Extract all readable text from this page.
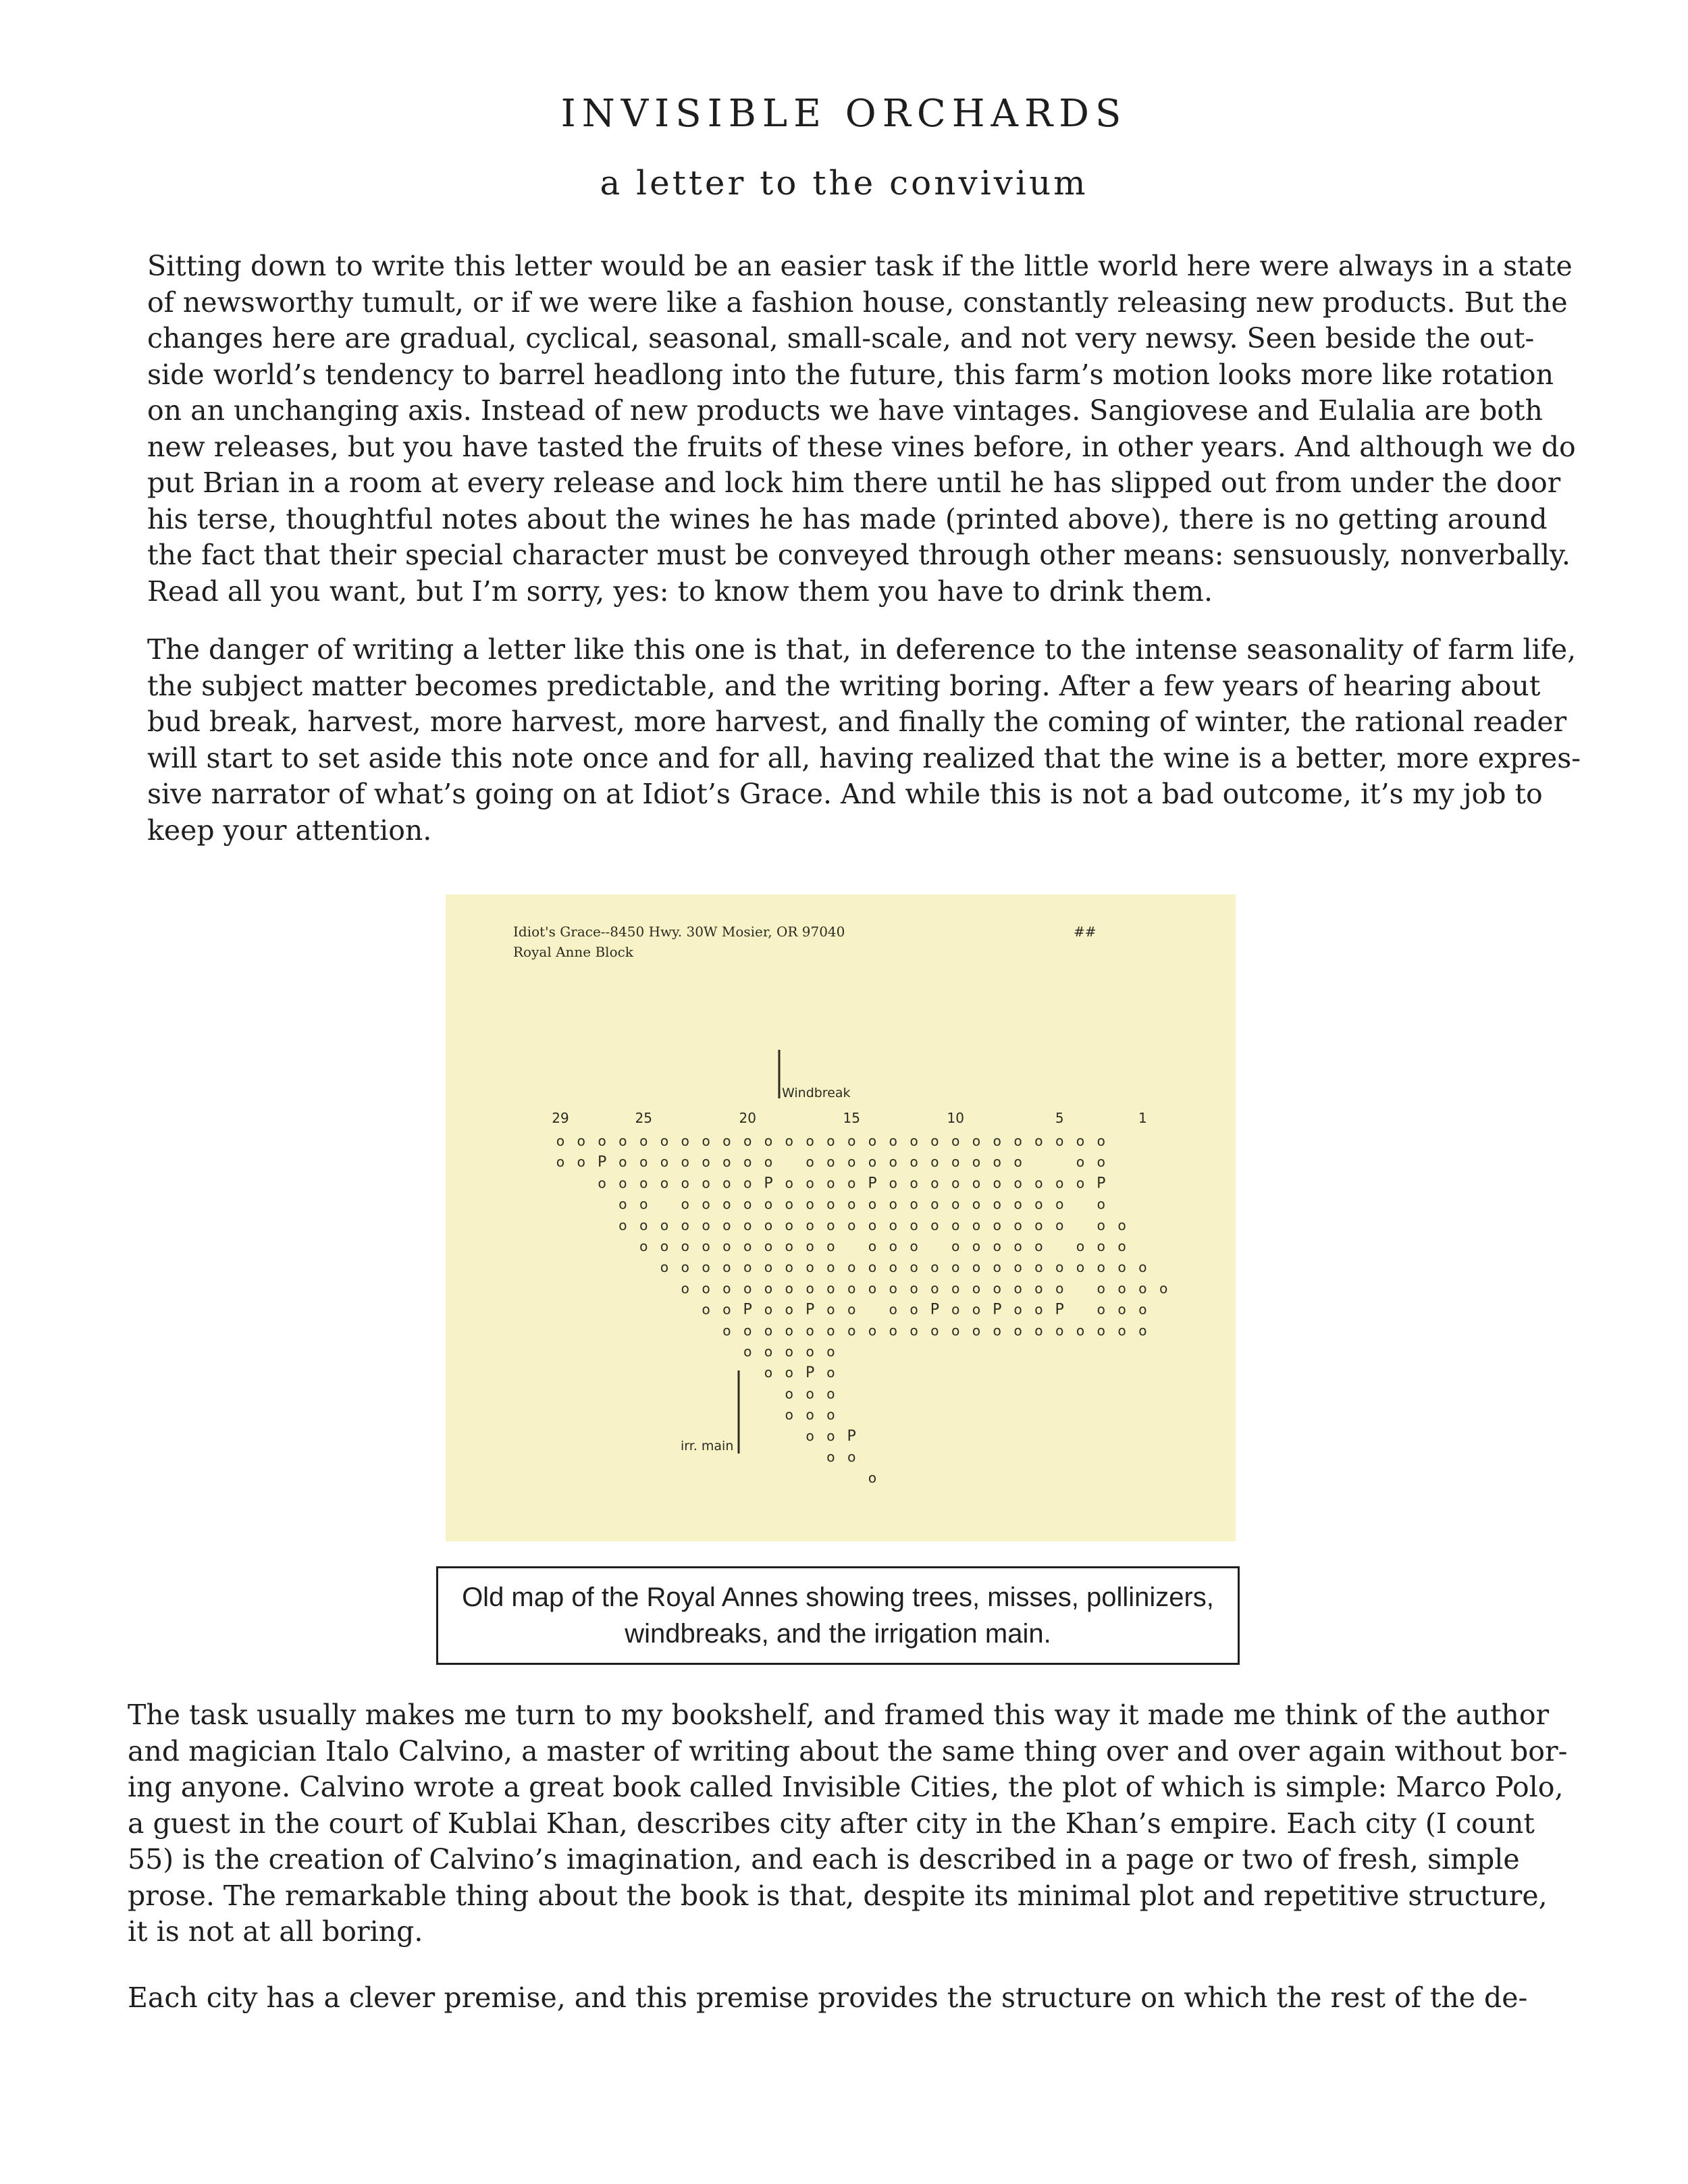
INVISIBLE ORCHARDS
a letter to the convivium

Sitting down to write this letter would be an easier task if the little world here were always in a state
of newsworthy tumult, or if we were like a fashion house, constantly releasing new products. But the
changes here are gradual, cyclical, seasonal, small-scale, and not very newsy. Seen beside the out-
side world’s tendency to barrel headlong into the future, this farm’s motion looks more like rotation
on an unchanging axis. Instead of new products we have vintages. Sangiovese and Eulalia are both
new releases, but you have tasted the fruits of these vines before, in other years. And although we do
put Brian in a room at every release and lock him there until he has slipped out from under the door
his terse, thoughtful notes about the wines he has made (printed above), there is no getting around
the fact that their special character must be conveyed through other means: sensuously, nonverbally.
Read all you want, but I’m sorry, yes: to know them you have to drink them.

The danger of writing a letter like this one is that, in deference to the intense seasonality of farm life,
the subject matter becomes predictable, and the writing boring. After a few years of hearing about
bud break, harvest, more harvest, more harvest, and finally the coming of winter, the rational reader
will start to set aside this note once and for all, having realized that the wine is a better, more expres-
sive narrator of what’s going on at Idiot’s Grace. And while this is not a bad outcome, it’s my job to
keep your attention.

Idiot's Grace--8450 Hwy. 30W Mosier, OR 97040
Royal Anne Block
##
Windbreak
29	25	20	15	10	5	1
o o o o o o o o o o o o o o o o o o o o o o o o o o o
o o P o o o o o o o o o o o o o o o o o o o	o o
o o o o o o o o P o o o o P o o o o o o o o o o P
o o o o o o o o o o o o o o o o o o o o o o
o o o o o o o o o o o o o o o o o o o o o o o o
o o o o o o o o o o o o o o o o o o o o o
o o o o o o o o o o o o o o o o o o o o o o o o
o o o o o o o o o o o o o o o o o o o o o o o
o o P o o P o o o o P o o P o o P o o o
o o o o o o o o o o o o o o o o o o o o o
o o o o o
o o P o
o o o
o o o
o o P
o o
o
irr. main
Old map of the Royal Annes showing trees, misses, pollinizers,
windbreaks, and the irrigation main.

The task usually makes me turn to my bookshelf, and framed this way it made me think of the author
and magician Italo Calvino, a master of writing about the same thing over and over again without bor-
ing anyone. Calvino wrote a great book called Invisible Cities, the plot of which is simple: Marco Polo,
a guest in the court of Kublai Khan, describes city after city in the Khan’s empire. Each city (I count
55) is the creation of Calvino’s imagination, and each is described in a page or two of fresh, simple
prose. The remarkable thing about the book is that, despite its minimal plot and repetitive structure,
it is not at all boring.

Each city has a clever premise, and this premise provides the structure on which the rest of the de-
